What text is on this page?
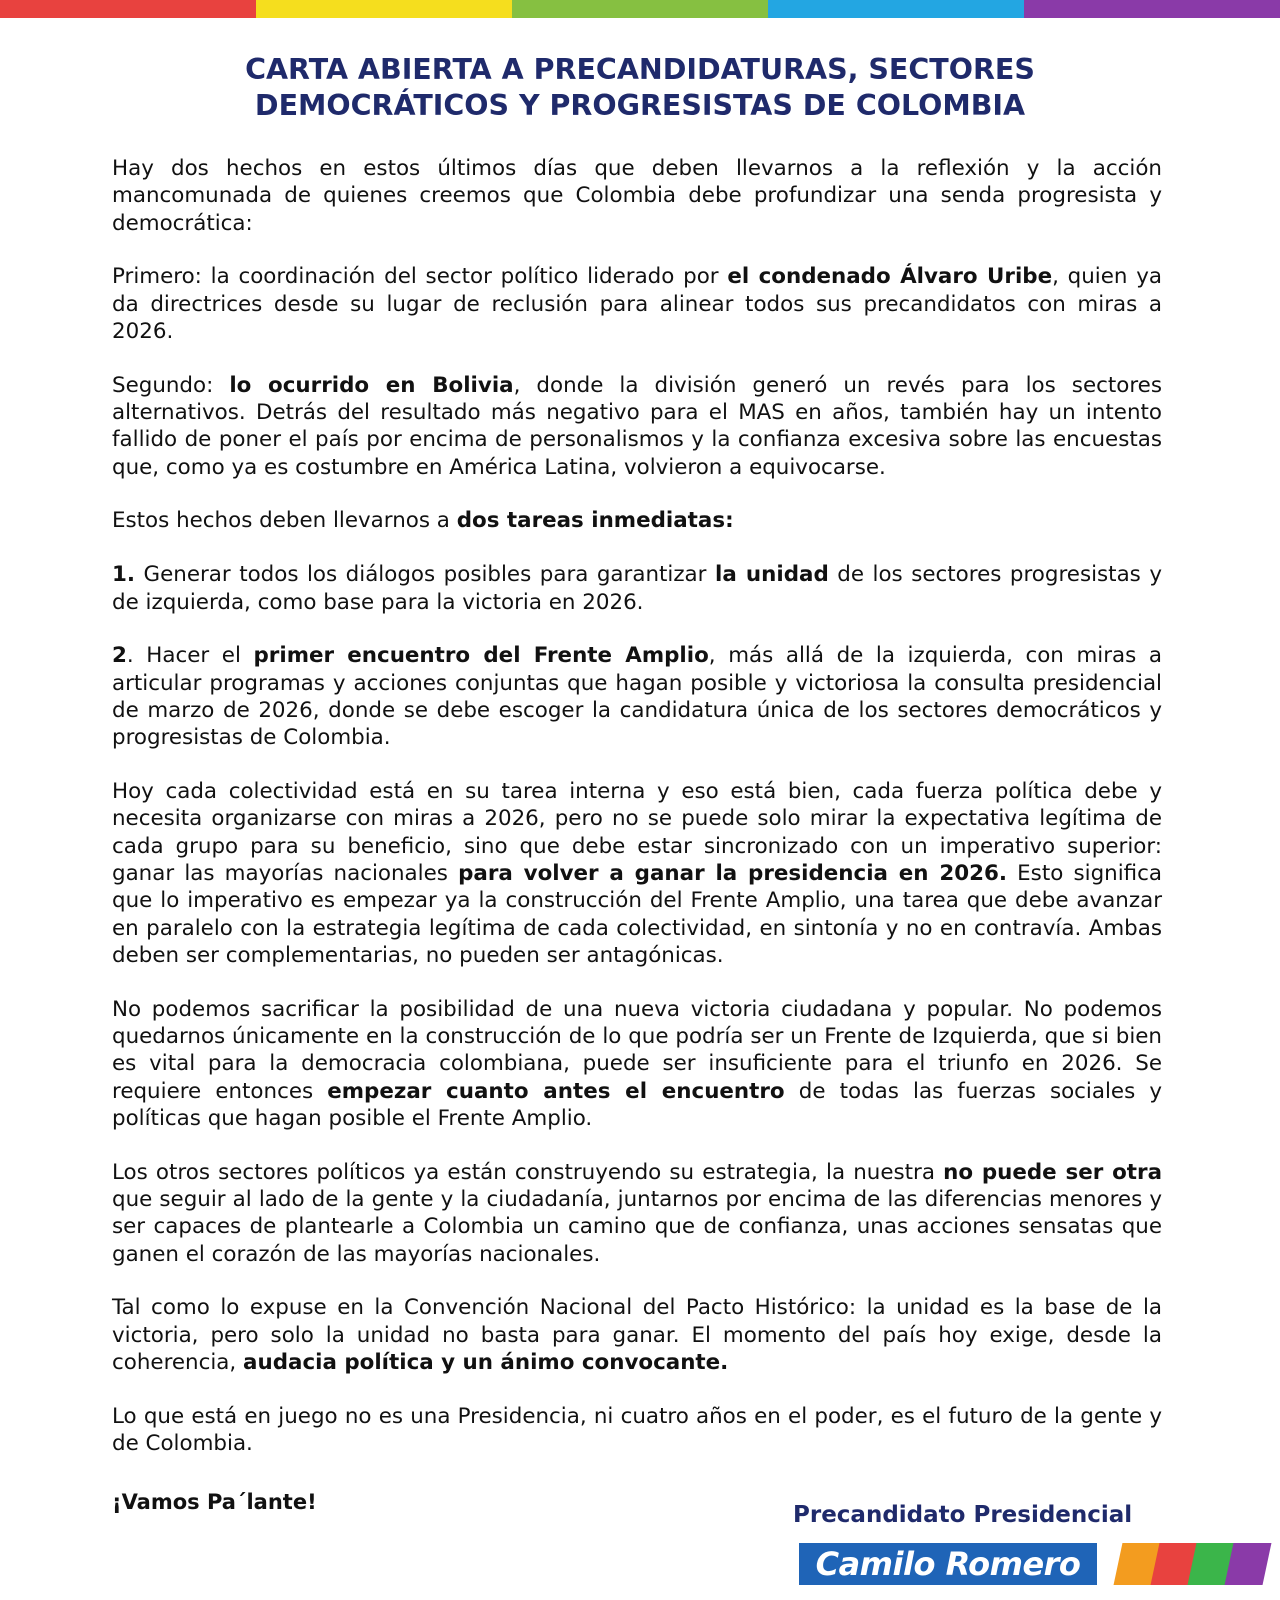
CARTA ABIERTA A PRECANDIDATURAS, SECTORES
DEMOCRÁTICOS Y PROGRESISTAS DE COLOMBIA

Hay dos hechos en estos últimos días que deben llevarnos a la reflexión y la acción mancomunada de quienes creemos que Colombia debe profundizar una senda progresista y democrática:

Primero: la coordinación del sector político liderado por el condenado Álvaro Uribe, quien ya da directrices desde su lugar de reclusión para alinear todos sus precandidatos con miras a 2026.

Segundo: lo ocurrido en Bolivia, donde la división generó un revés para los sectores alternativos. Detrás del resultado más negativo para el MAS en años, también hay un intento fallido de poner el país por encima de personalismos y la confianza excesiva sobre las encuestas que, como ya es costumbre en América Latina, volvieron a equivocarse.

Estos hechos deben llevarnos a dos tareas inmediatas:

1. Generar todos los diálogos posibles para garantizar la unidad de los sectores progresistas y de izquierda, como base para la victoria en 2026.

2. Hacer el primer encuentro del Frente Amplio, más allá de la izquierda, con miras a articular programas y acciones conjuntas que hagan posible y victoriosa la consulta presidencial de marzo de 2026, donde se debe escoger la candidatura única de los sectores democráticos y progresistas de Colombia.

Hoy cada colectividad está en su tarea interna y eso está bien, cada fuerza política debe y necesita organizarse con miras a 2026, pero no se puede solo mirar la expectativa legítima de cada grupo para su beneficio, sino que debe estar sincronizado con un imperativo superior: ganar las mayorías nacionales para volver a ganar la presidencia en 2026. Esto significa que lo imperativo es empezar ya la construcción del Frente Amplio, una tarea que debe avanzar en paralelo con la estrategia legítima de cada colectividad, en sintonía y no en contravía. Ambas deben ser complementarias, no pueden ser antagónicas.

No podemos sacrificar la posibilidad de una nueva victoria ciudadana y popular. No podemos quedarnos únicamente en la construcción de lo que podría ser un Frente de Izquierda, que si bien es vital para la democracia colombiana, puede ser insuficiente para el triunfo en 2026. Se requiere entonces empezar cuanto antes el encuentro de todas las fuerzas sociales y políticas que hagan posible el Frente Amplio.

Los otros sectores políticos ya están construyendo su estrategia, la nuestra no puede ser otra que seguir al lado de la gente y la ciudadanía, juntarnos por encima de las diferencias menores y ser capaces de plantearle a Colombia un camino que de confianza, unas acciones sensatas que ganen el corazón de las mayorías nacionales.

Tal como lo expuse en la Convención Nacional del Pacto Histórico: la unidad es la base de la victoria, pero solo la unidad no basta para ganar. El momento del país hoy exige, desde la coherencia, audacia política y un ánimo convocante.

Lo que está en juego no es una Presidencia, ni cuatro años en el poder, es el futuro de la gente y de Colombia.

¡Vamos Pa´lante!	Precandidato Presidencial
Camilo Romero
